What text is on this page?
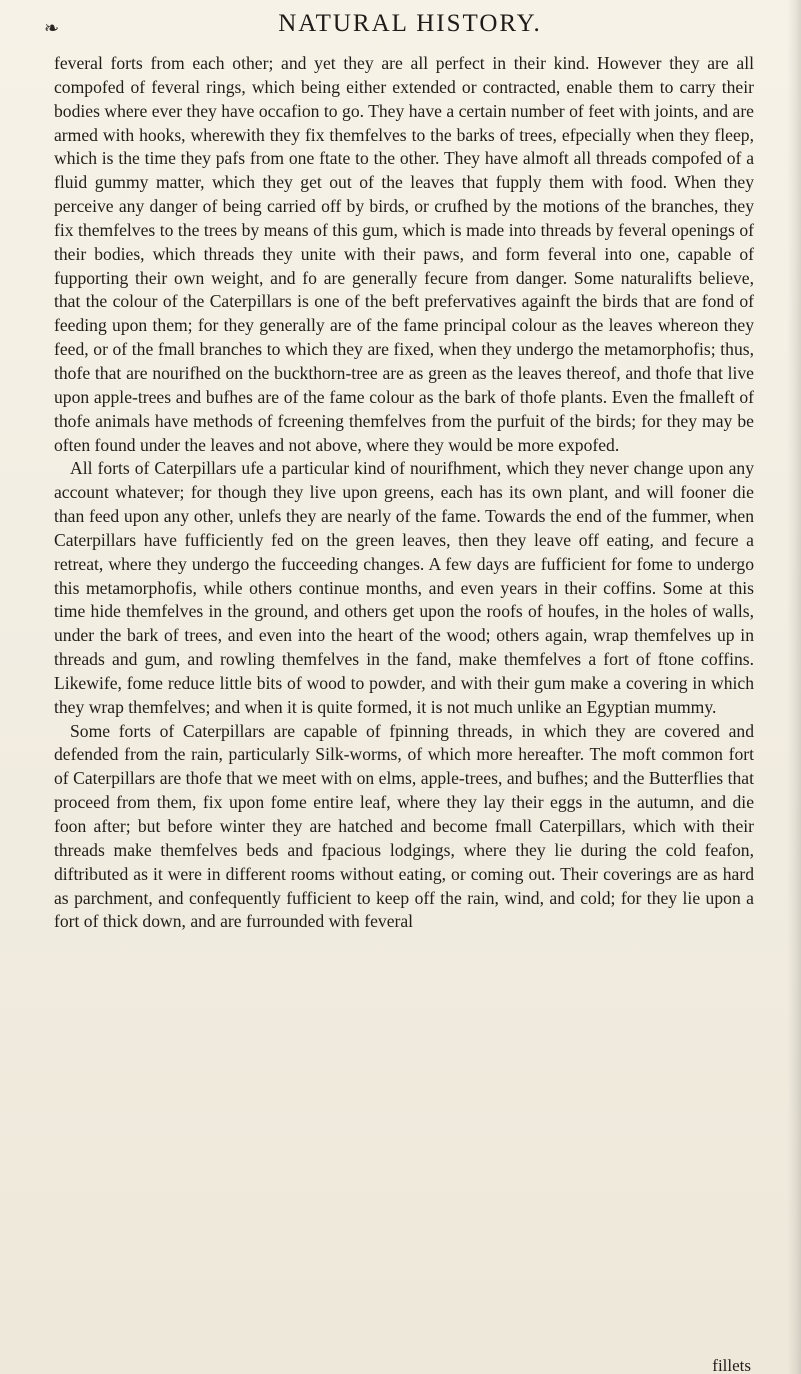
❧	NATURAL HISTORY.

feveral forts from each other; and yet they are all perfect in their kind. However they are all compofed of feveral rings, which being either extended or contracted, enable them to carry their bodies where ever they have occafion to go. They have a certain number of feet with joints, and are armed with hooks, wherewith they fix themfelves to the barks of trees, efpecially when they fleep, which is the time they pafs from one ftate to the other. They have almoft all threads compofed of a fluid gummy matter, which they get out of the leaves that fupply them with food. When they perceive any danger of being carried off by birds, or crufhed by the motions of the branches, they fix themfelves to the trees by means of this gum, which is made into threads by feveral openings of their bodies, which threads they unite with their paws, and form feveral into one, capable of fupporting their own weight, and fo are generally fecure from danger. Some naturalifts believe, that the colour of the Caterpillars is one of the beft prefervatives againft the birds that are fond of feeding upon them; for they generally are of the fame principal colour as the leaves whereon they feed, or of the fmall branches to which they are fixed, when they undergo the metamorphofis; thus, thofe that are nourifhed on the buckthorn-tree are as green as the leaves thereof, and thofe that live upon apple-trees and bufhes are of the fame colour as the bark of thofe plants. Even the fmalleft of thofe animals have methods of fcreening themfelves from the purfuit of the birds; for they may be often found under the leaves and not above, where they would be more expofed.

All forts of Caterpillars ufe a particular kind of nourifhment, which they never change upon any account whatever; for though they live upon greens, each has its own plant, and will fooner die than feed upon any other, unlefs they are nearly of the fame. Towards the end of the fummer, when Caterpillars have fufficiently fed on the green leaves, then they leave off eating, and fecure a retreat, where they undergo the fucceeding changes. A few days are fufficient for fome to undergo this metamorphofis, while others continue months, and even years in their coffins. Some at this time hide themfelves in the ground, and others get upon the roofs of houfes, in the holes of walls, under the bark of trees, and even into the heart of the wood; others again, wrap themfelves up in threads and gum, and rowling themfelves in the fand, make themfelves a fort of ftone coffins. Likewife, fome reduce little bits of wood to powder, and with their gum make a covering in which they wrap themfelves; and when it is quite formed, it is not much unlike an Egyptian mummy.

Some forts of Caterpillars are capable of fpinning threads, in which they are covered and defended from the rain, particularly Silk-worms, of which more hereafter. The moft common fort of Caterpillars are thofe that we meet with on elms, apple-trees, and bufhes; and the Butterflies that proceed from them, fix upon fome entire leaf, where they lay their eggs in the autumn, and die foon after; but before winter they are hatched and become fmall Caterpillars, which with their threads make themfelves beds and fpacious lodgings, where they lie during the cold feafon, diftributed as it were in different rooms without eating, or coming out. Their coverings are as hard as parchment, and confequently fufficient to keep off the rain, wind, and cold; for they lie upon a fort of thick down, and are furrounded with feveral

fillets
